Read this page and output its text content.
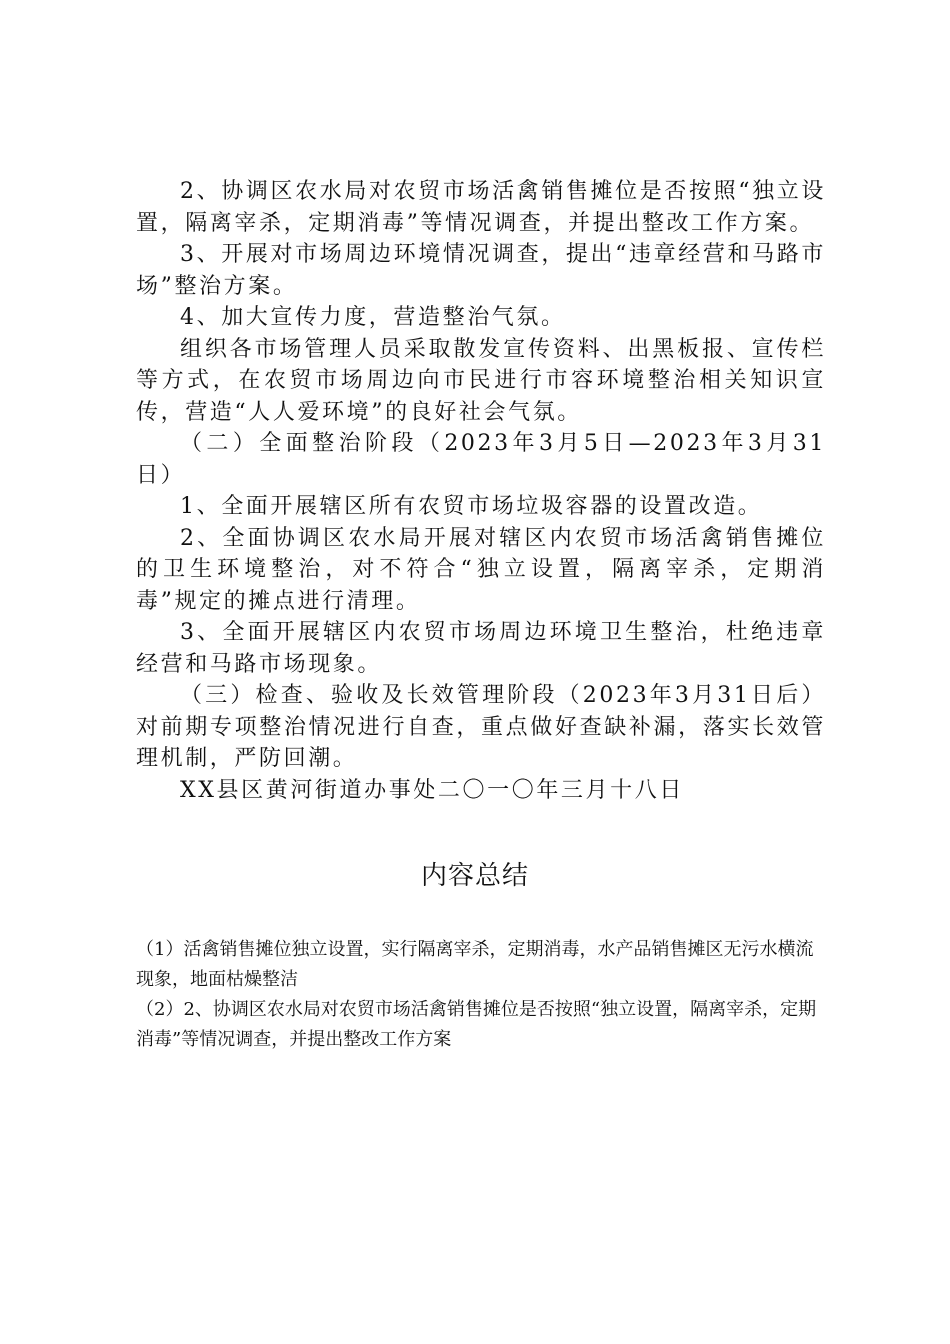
2、协调区农水局对农贸市场活禽销售摊位是否按照“独立设置，隔离宰杀，定期消毒”等情况调查，并提出整改工作方案。

3、开展对市场周边环境情况调查，提出“违章经营和马路市场”整治方案。

4、加大宣传力度，营造整治气氛。

组织各市场管理人员采取散发宣传资料、出黑板报、宣传栏等方式，在农贸市场周边向市民进行市容环境整治相关知识宣传，营造“人人爱环境”的良好社会气氛。

（二）全面整治阶段（2023年3月5日—2023年3月31日）

1、全面开展辖区所有农贸市场垃圾容器的设置改造。

2、全面协调区农水局开展对辖区内农贸市场活禽销售摊位的卫生环境整治，对不符合“独立设置，隔离宰杀，定期消毒”规定的摊点进行清理。

3、全面开展辖区内农贸市场周边环境卫生整治，杜绝违章经营和马路市场现象。

（三）检查、验收及长效管理阶段（2023年3月31日后）对前期专项整治情况进行自查，重点做好查缺补漏，落实长效管理机制，严防回潮。

XX县区黄河街道办事处二〇一〇年三月十八日

内容总结

（1）活禽销售摊位独立设置，实行隔离宰杀，定期消毒，水产品销售摊区无污水横流现象，地面枯燥整洁

（2）2、协调区农水局对农贸市场活禽销售摊位是否按照“独立设置，隔离宰杀，定期消毒”等情况调查，并提出整改工作方案
